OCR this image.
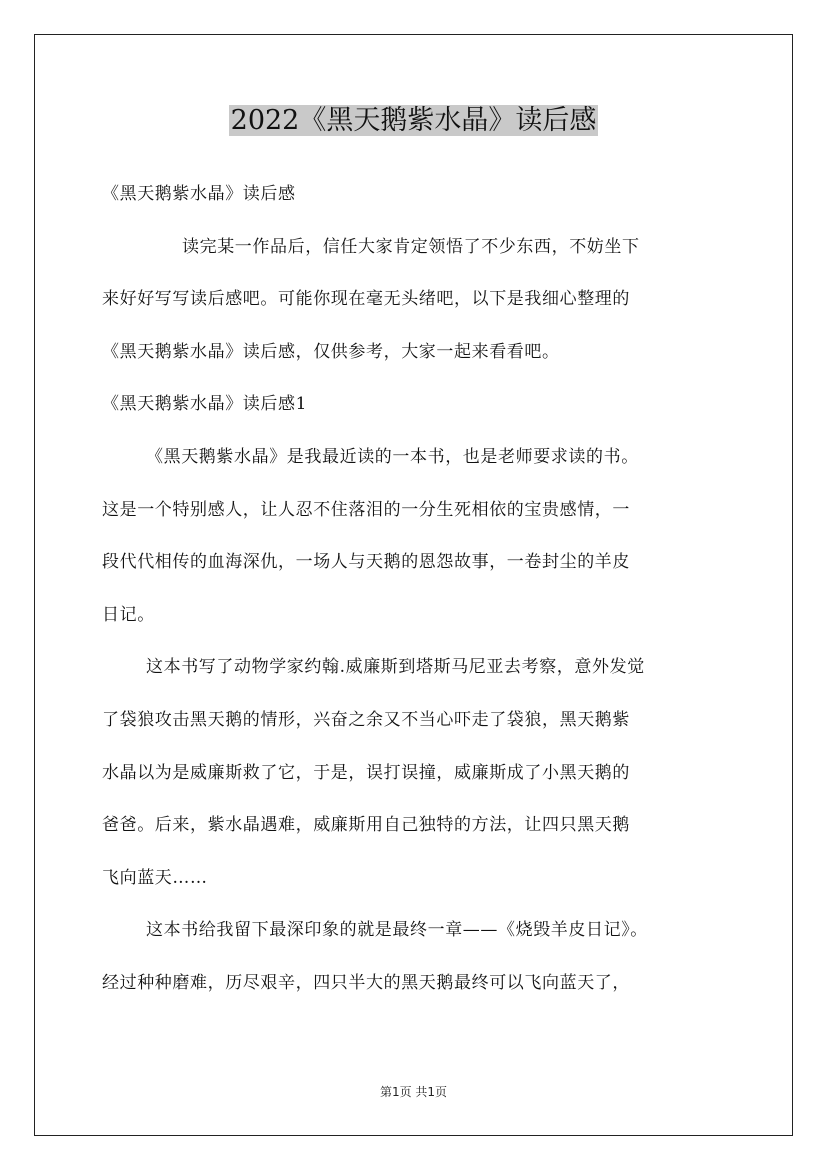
2022《黑天鹅紫水晶》读后感
《黑天鹅紫水晶》读后感
读完某一作品后，信任大家肯定领悟了不少东西，不妨坐下
来好好写写读后感吧。可能你现在毫无头绪吧，以下是我细心整理的
《黑天鹅紫水晶》读后感，仅供参考，大家一起来看看吧。
《黑天鹅紫水晶》读后感1
《黑天鹅紫水晶》是我最近读的一本书，也是老师要求读的书。
这是一个特别感人，让人忍不住落泪的一分生死相依的宝贵感情，一
段代代相传的血海深仇，一场人与天鹅的恩怨故事，一卷封尘的羊皮
日记。
这本书写了动物学家约翰.威廉斯到塔斯马尼亚去考察，意外发觉
了袋狼攻击黑天鹅的情形，兴奋之余又不当心吓走了袋狼，黑天鹅紫
水晶以为是威廉斯救了它，于是，误打误撞，威廉斯成了小黑天鹅的
爸爸。后来，紫水晶遇难，威廉斯用自己独特的方法，让四只黑天鹅
飞向蓝天……
这本书给我留下最深印象的就是最终一章——《烧毁羊皮日记》。
经过种种磨难，历尽艰辛，四只半大的黑天鹅最终可以飞向蓝天了，
第1页 共1页
